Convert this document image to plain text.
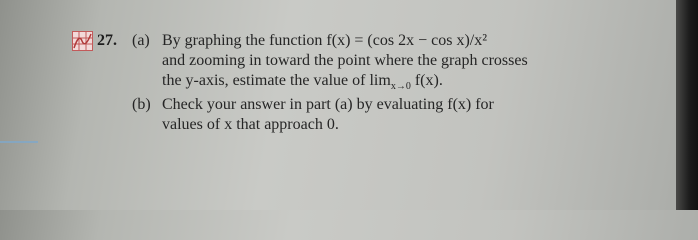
27. (a) By graphing the function f(x) = (cos 2x − cos x)/x²
and zooming in toward the point where the graph crosses
the y-axis, estimate the value of $\lim_{x\to 0} f(x)$.
(b) Check your answer in part (a) by evaluating f(x) for
values of x that approach 0.
